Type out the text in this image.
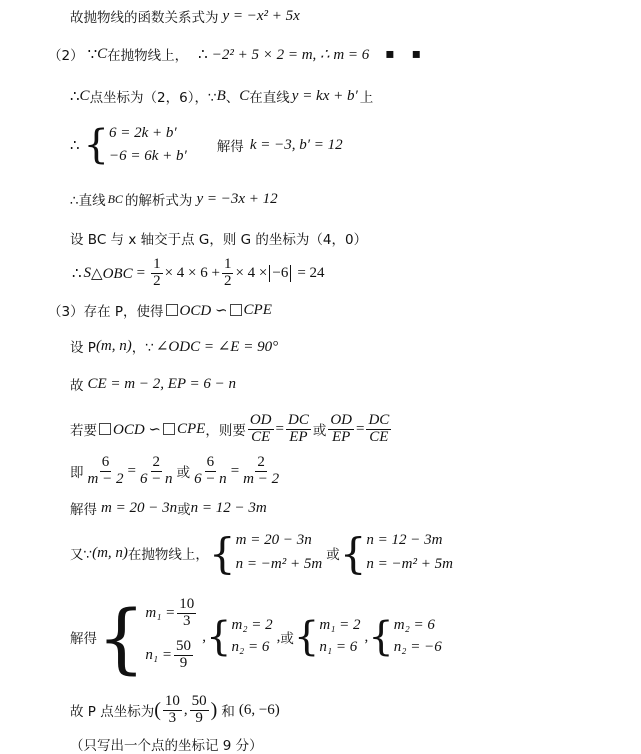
故抛物线的函数关系式为 y = −x² + 5x
（2） ∵ C 在抛物线上， ∴ −2² + 5 × 2 = m, ∴ m = 6 ▪ ▪
∴ C 点坐标为（2，6），∵ B 、 C 在直线 y = kx + b′ 上
∴ { 6 = 2k + b′
−6 = 6k + b′
解得 k = −3, b′ = 12
∴直线 BC 的解析式为 y = −3x + 12
设 BC 与 x 轴交于点 G，则 G 的坐标为（4，0）
∴ S △OBC = $\frac{1}{2} \times 4 \times 6 + \frac{1}{2} \times 4 \times -6 = 24$
（3）存在 P，使得 OCD ∽ CPE
设 P (m, n) ，∵ ∠ODC = ∠E = 90°
故 CE = m − 2, EP = 6 − n
若要 OCD ∽ CPE ，则要 $\frac{OD}{CE} = \frac{DC}{EP}$ 或 $\frac{OD}{EP} = \frac{DC}{CE}$
即 $\frac{6}{m - 2} = \frac{2}{6 - n}$ 或 $\frac{6}{6 - n} = \frac{2}{m - 2}$
解得 m = 20 − 3n 或 n = 12 − 3m
又∵ (m, n) 在抛物线上， { m = 20 − 3n
n = −m² + 5m
或 { n = 12 − 3m
n = −m² + 5m
解得 { $m_1 = \frac{10}{3}$
$n_1 = \frac{50}{9}$
, { m₂ = 2
n₂ = 6
, 或 { m₁ = 2
n₁ = 6
, { m₂ = 6
n₂ = −6
故 P 点坐标为 ( $\frac{10}{3}$ , $\frac{50}{9}$ ) 和 (6, −6)
（只写出一个点的坐标记 9 分）
